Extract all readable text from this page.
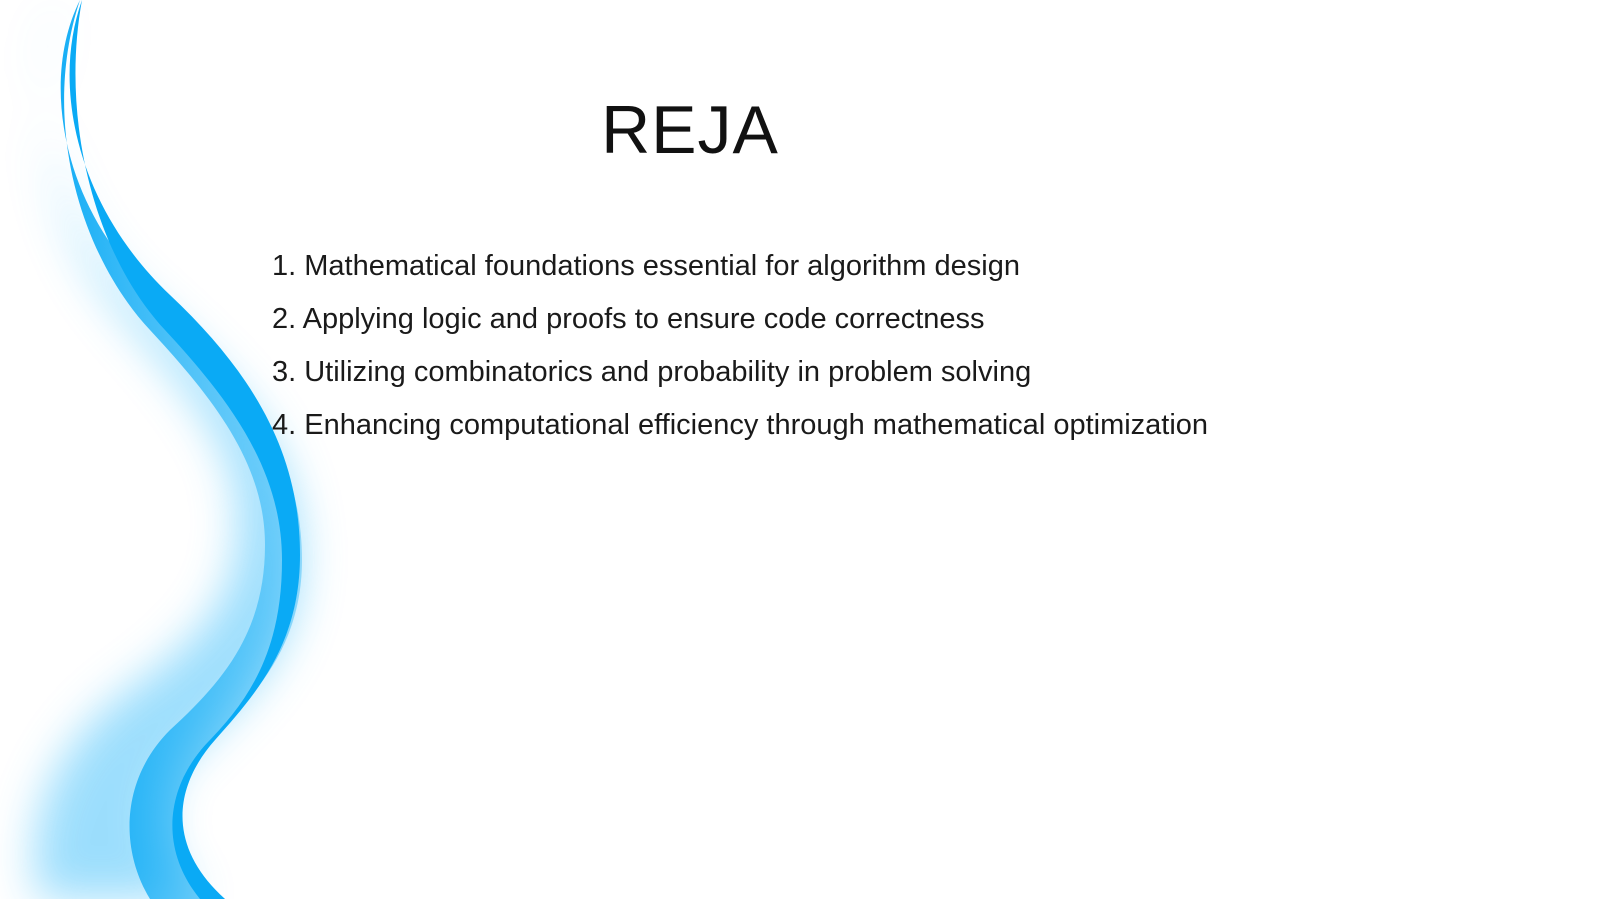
REJA
1. Mathematical foundations essential for algorithm design
2. Applying logic and proofs to ensure code correctness
3. Utilizing combinatorics and probability in problem solving
4. Enhancing computational efficiency through mathematical optimization
